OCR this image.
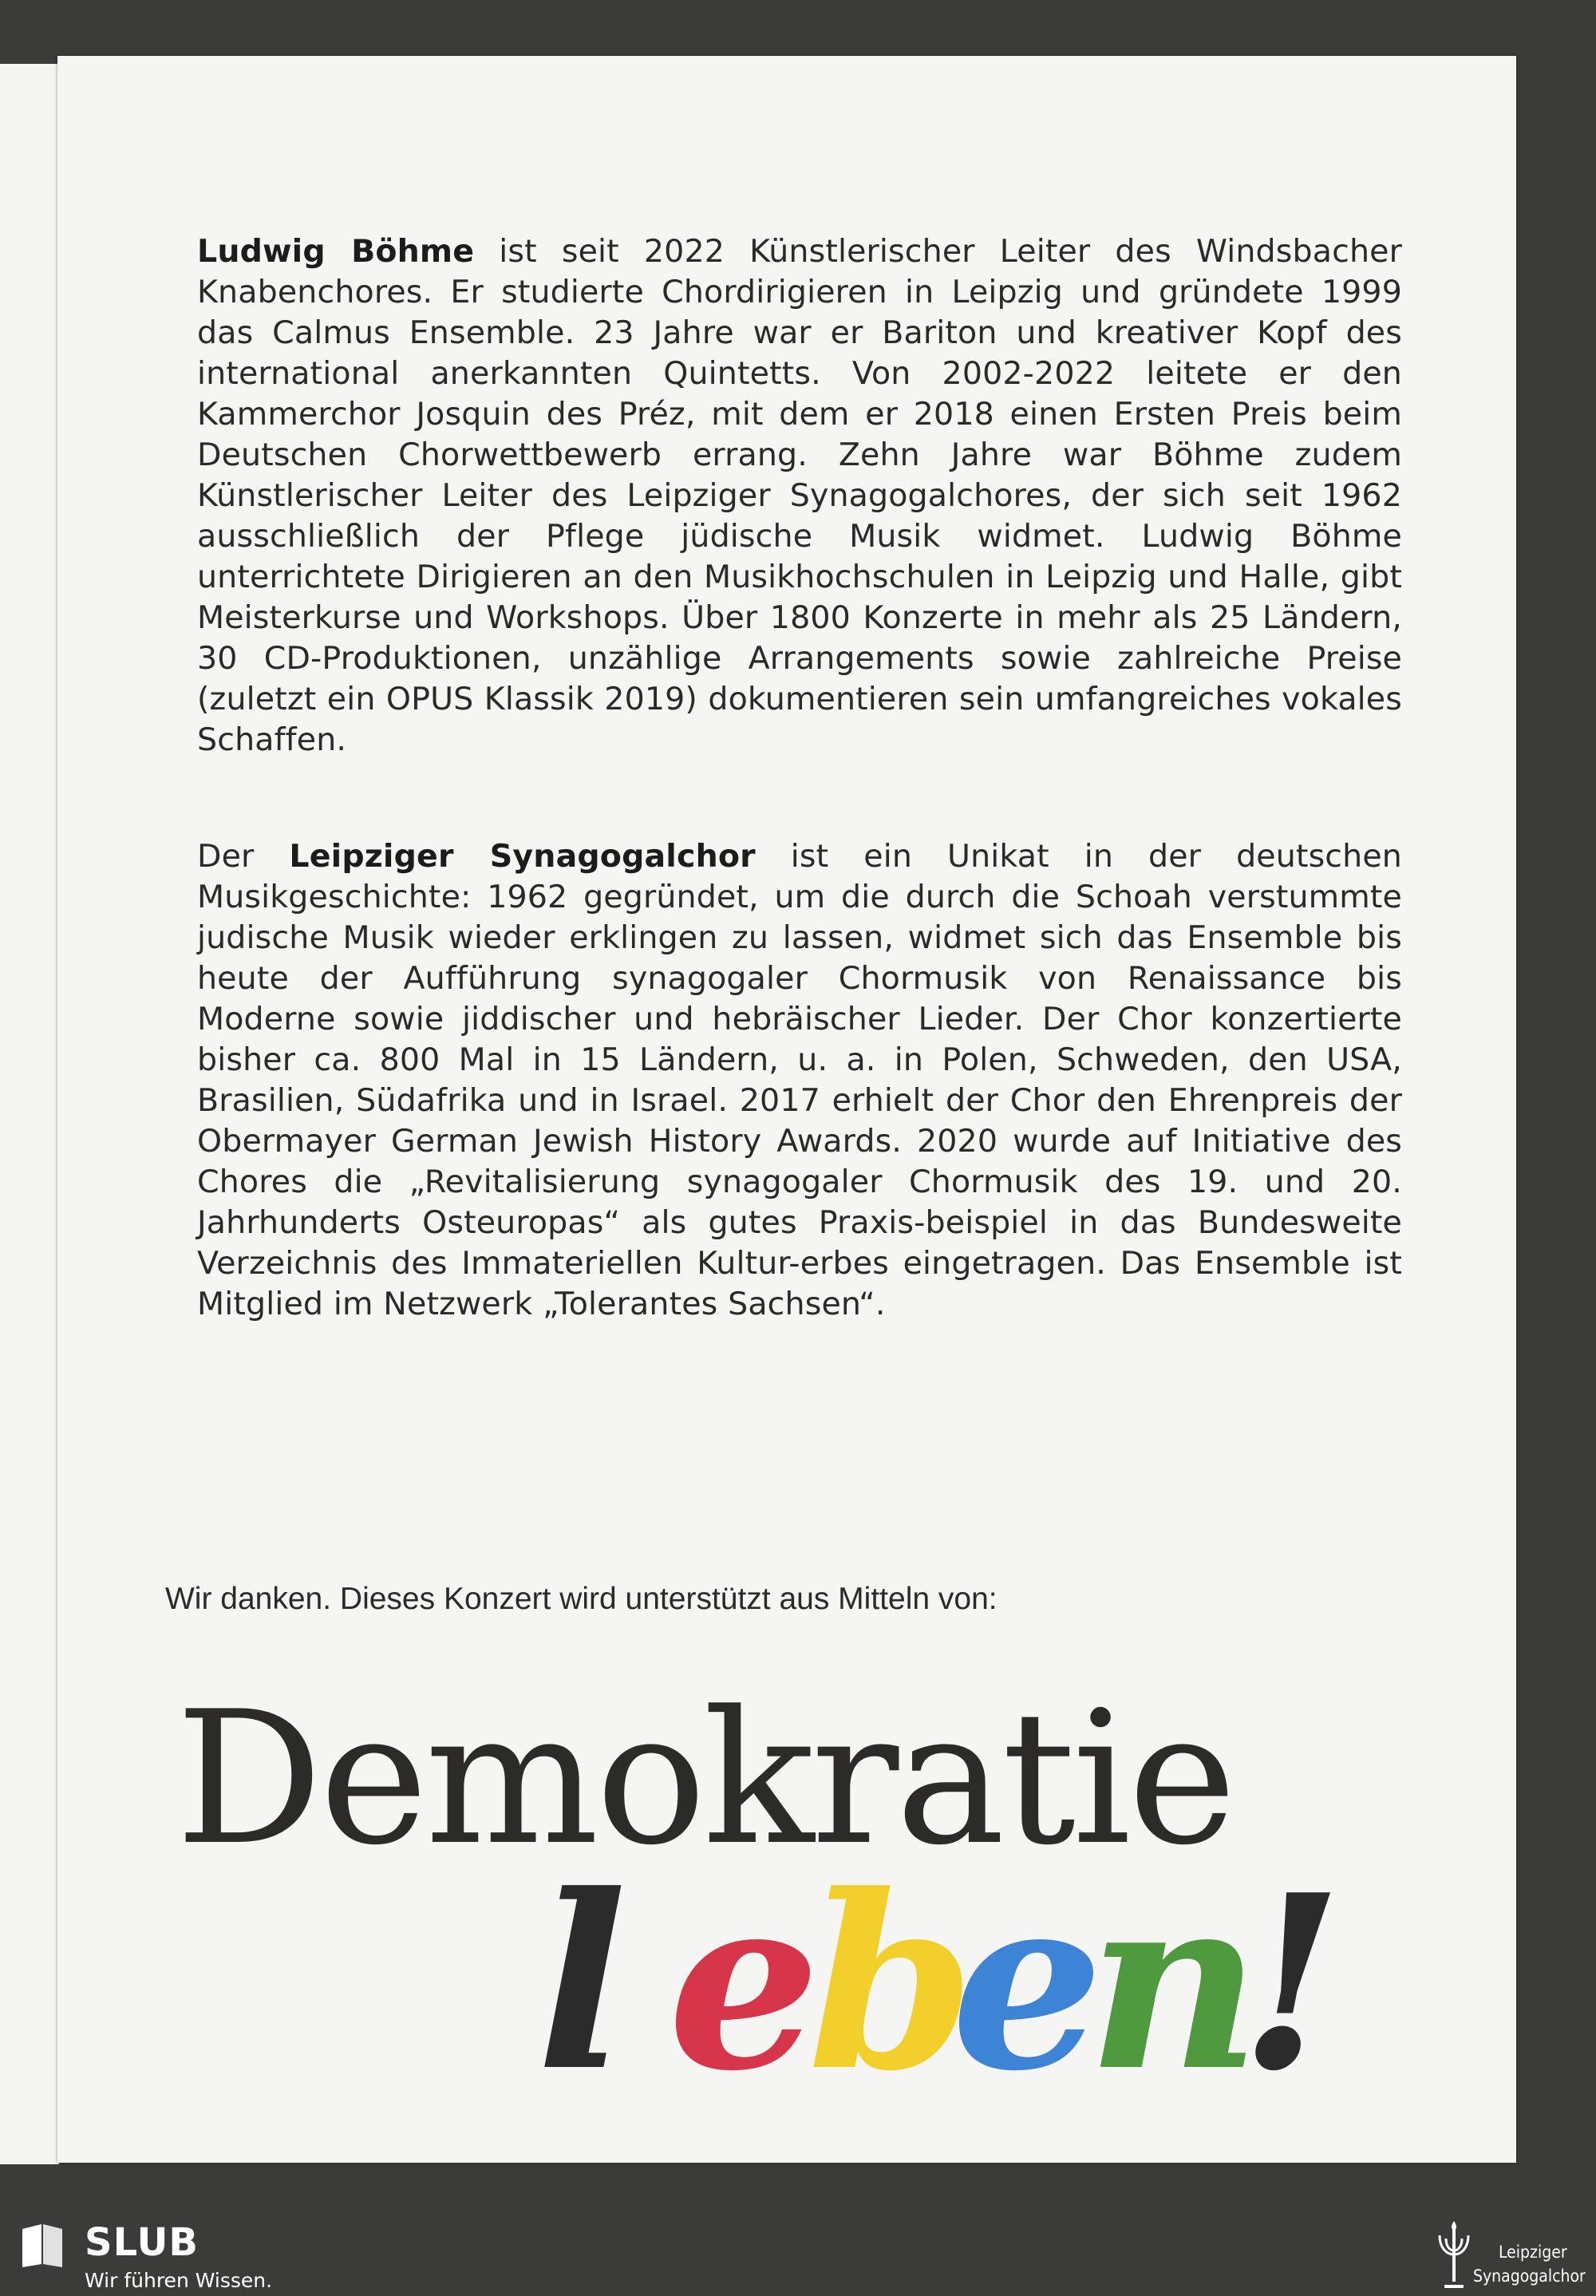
Ludwig Böhme ist seit 2022 Künstlerischer Leiter des Windsbacher Knabenchores. Er studierte Chordirigieren in Leipzig und gründete 1999 das Calmus Ensemble. 23 Jahre war er Bariton und kreativer Kopf des international anerkannten Quintetts. Von 2002-2022 leitete er den Kammerchor Josquin des Préz, mit dem er 2018 einen Ersten Preis beim Deutschen Chorwettbewerb errang. Zehn Jahre war Böhme zudem Künstlerischer Leiter des Leipziger Synagogalchores, der sich seit 1962 ausschließlich der Pflege jüdische Musik widmet. Ludwig Böhme unterrichtete Dirigieren an den Musikhochschulen in Leipzig und Halle, gibt Meisterkurse und Workshops. Über 1800 Konzerte in mehr als 25 Ländern, 30 CD-Produktionen, unzählige Arrangements sowie zahlreiche Preise (zuletzt ein OPUS Klassik 2019) dokumentieren sein umfangreiches vokales Schaffen.
Der Leipziger Synagogalchor ist ein Unikat in der deutschen Musikgeschichte: 1962 gegründet, um die durch die Schoah verstummte judische Musik wieder erklingen zu lassen, widmet sich das Ensemble bis heute der Aufführung synagogaler Chormusik von Renaissance bis Moderne sowie jiddischer und hebräischer Lieder. Der Chor konzertierte bisher ca. 800 Mal in 15 Ländern, u. a. in Polen, Schweden, den USA, Brasilien, Südafrika und in Israel. 2017 erhielt der Chor den Ehrenpreis der Obermayer German Jewish History Awards. 2020 wurde auf Initiative des Chores die „Revitalisierung synagogaler Chormusik des 19. und 20. Jahrhunderts Osteuropas“ als gutes Praxis-beispiel in das Bundesweite Verzeichnis des Immateriellen Kultur-erbes eingetragen. Das Ensemble ist Mitglied im Netzwerk „Tolerantes Sachsen“.
Wir danken. Dieses Konzert wird unterstützt aus Mitteln von:
Demokratie
l e
b
e
n
!
SLUB
Wir führen Wissen.
Leipziger
Synagogalchor
